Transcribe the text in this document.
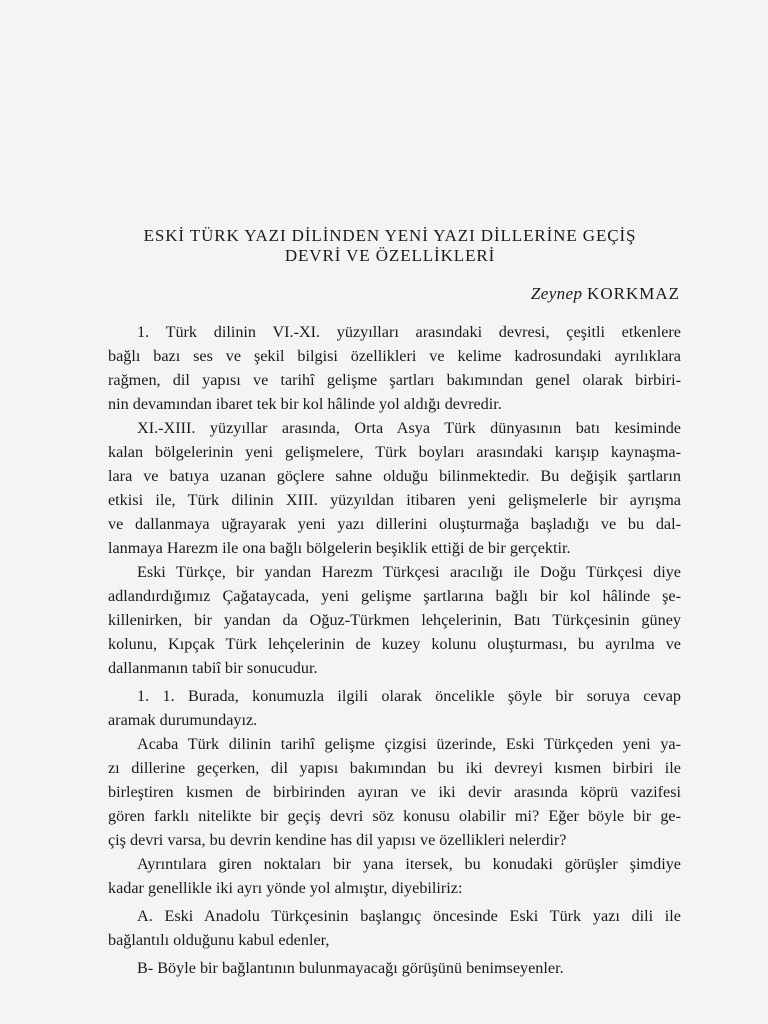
ESKİ TÜRK YAZI DİLİNDEN YENİ YAZI DİLLERİNE GEÇİŞ
DEVRİ VE ÖZELLİKLERİ
Zeynep KORKMAZ
1. Türk dilinin VI.-XI. yüzyılları arasındaki devresi, çeşitli etkenlere
bağlı bazı ses ve şekil bilgisi özellikleri ve kelime kadrosundaki ayrılıklara
rağmen, dil yapısı ve tarihî gelişme şartları bakımından genel olarak birbiri-
nin devamından ibaret tek bir kol hâlinde yol aldığı devredir.
XI.-XIII. yüzyıllar arasında, Orta Asya Türk dünyasının batı kesiminde
kalan bölgelerinin yeni gelişmelere, Türk boyları arasındaki karışıp kaynaşma-
lara ve batıya uzanan göçlere sahne olduğu bilinmektedir. Bu değişik şartların
etkisi ile, Türk dilinin XIII. yüzyıldan itibaren yeni gelişmelerle bir ayrışma
ve dallanmaya uğrayarak yeni yazı dillerini oluşturmağa başladığı ve bu dal-
lanmaya Harezm ile ona bağlı bölgelerin beşiklik ettiği de bir gerçektir.
Eski Türkçe, bir yandan Harezm Türkçesi aracılığı ile Doğu Türkçesi diye
adlandırdığımız Çağataycada, yeni gelişme şartlarına bağlı bir kol hâlinde şe-
killenirken, bir yandan da Oğuz-Türkmen lehçelerinin, Batı Türkçesinin güney
kolunu, Kıpçak Türk lehçelerinin de kuzey kolunu oluşturması, bu ayrılma ve
dallanmanın tabiî bir sonucudur.
1. 1. Burada, konumuzla ilgili olarak öncelikle şöyle bir soruya cevap
aramak durumundayız.
Acaba Türk dilinin tarihî gelişme çizgisi üzerinde, Eski Türkçeden yeni ya-
zı dillerine geçerken, dil yapısı bakımından bu iki devreyi kısmen birbiri ile
birleştiren kısmen de birbirinden ayıran ve iki devir arasında köprü vazifesi
gören farklı nitelikte bir geçiş devri söz konusu olabilir mi? Eğer böyle bir ge-
çiş devri varsa, bu devrin kendine has dil yapısı ve özellikleri nelerdir?
Ayrıntılara giren noktaları bir yana itersek, bu konudaki görüşler şimdiye
kadar genellikle iki ayrı yönde yol almıştır, diyebiliriz:
A. Eski Anadolu Türkçesinin başlangıç öncesinde Eski Türk yazı dili ile
bağlantılı olduğunu kabul edenler,
B- Böyle bir bağlantının bulunmayacağı görüşünü benimseyenler.
